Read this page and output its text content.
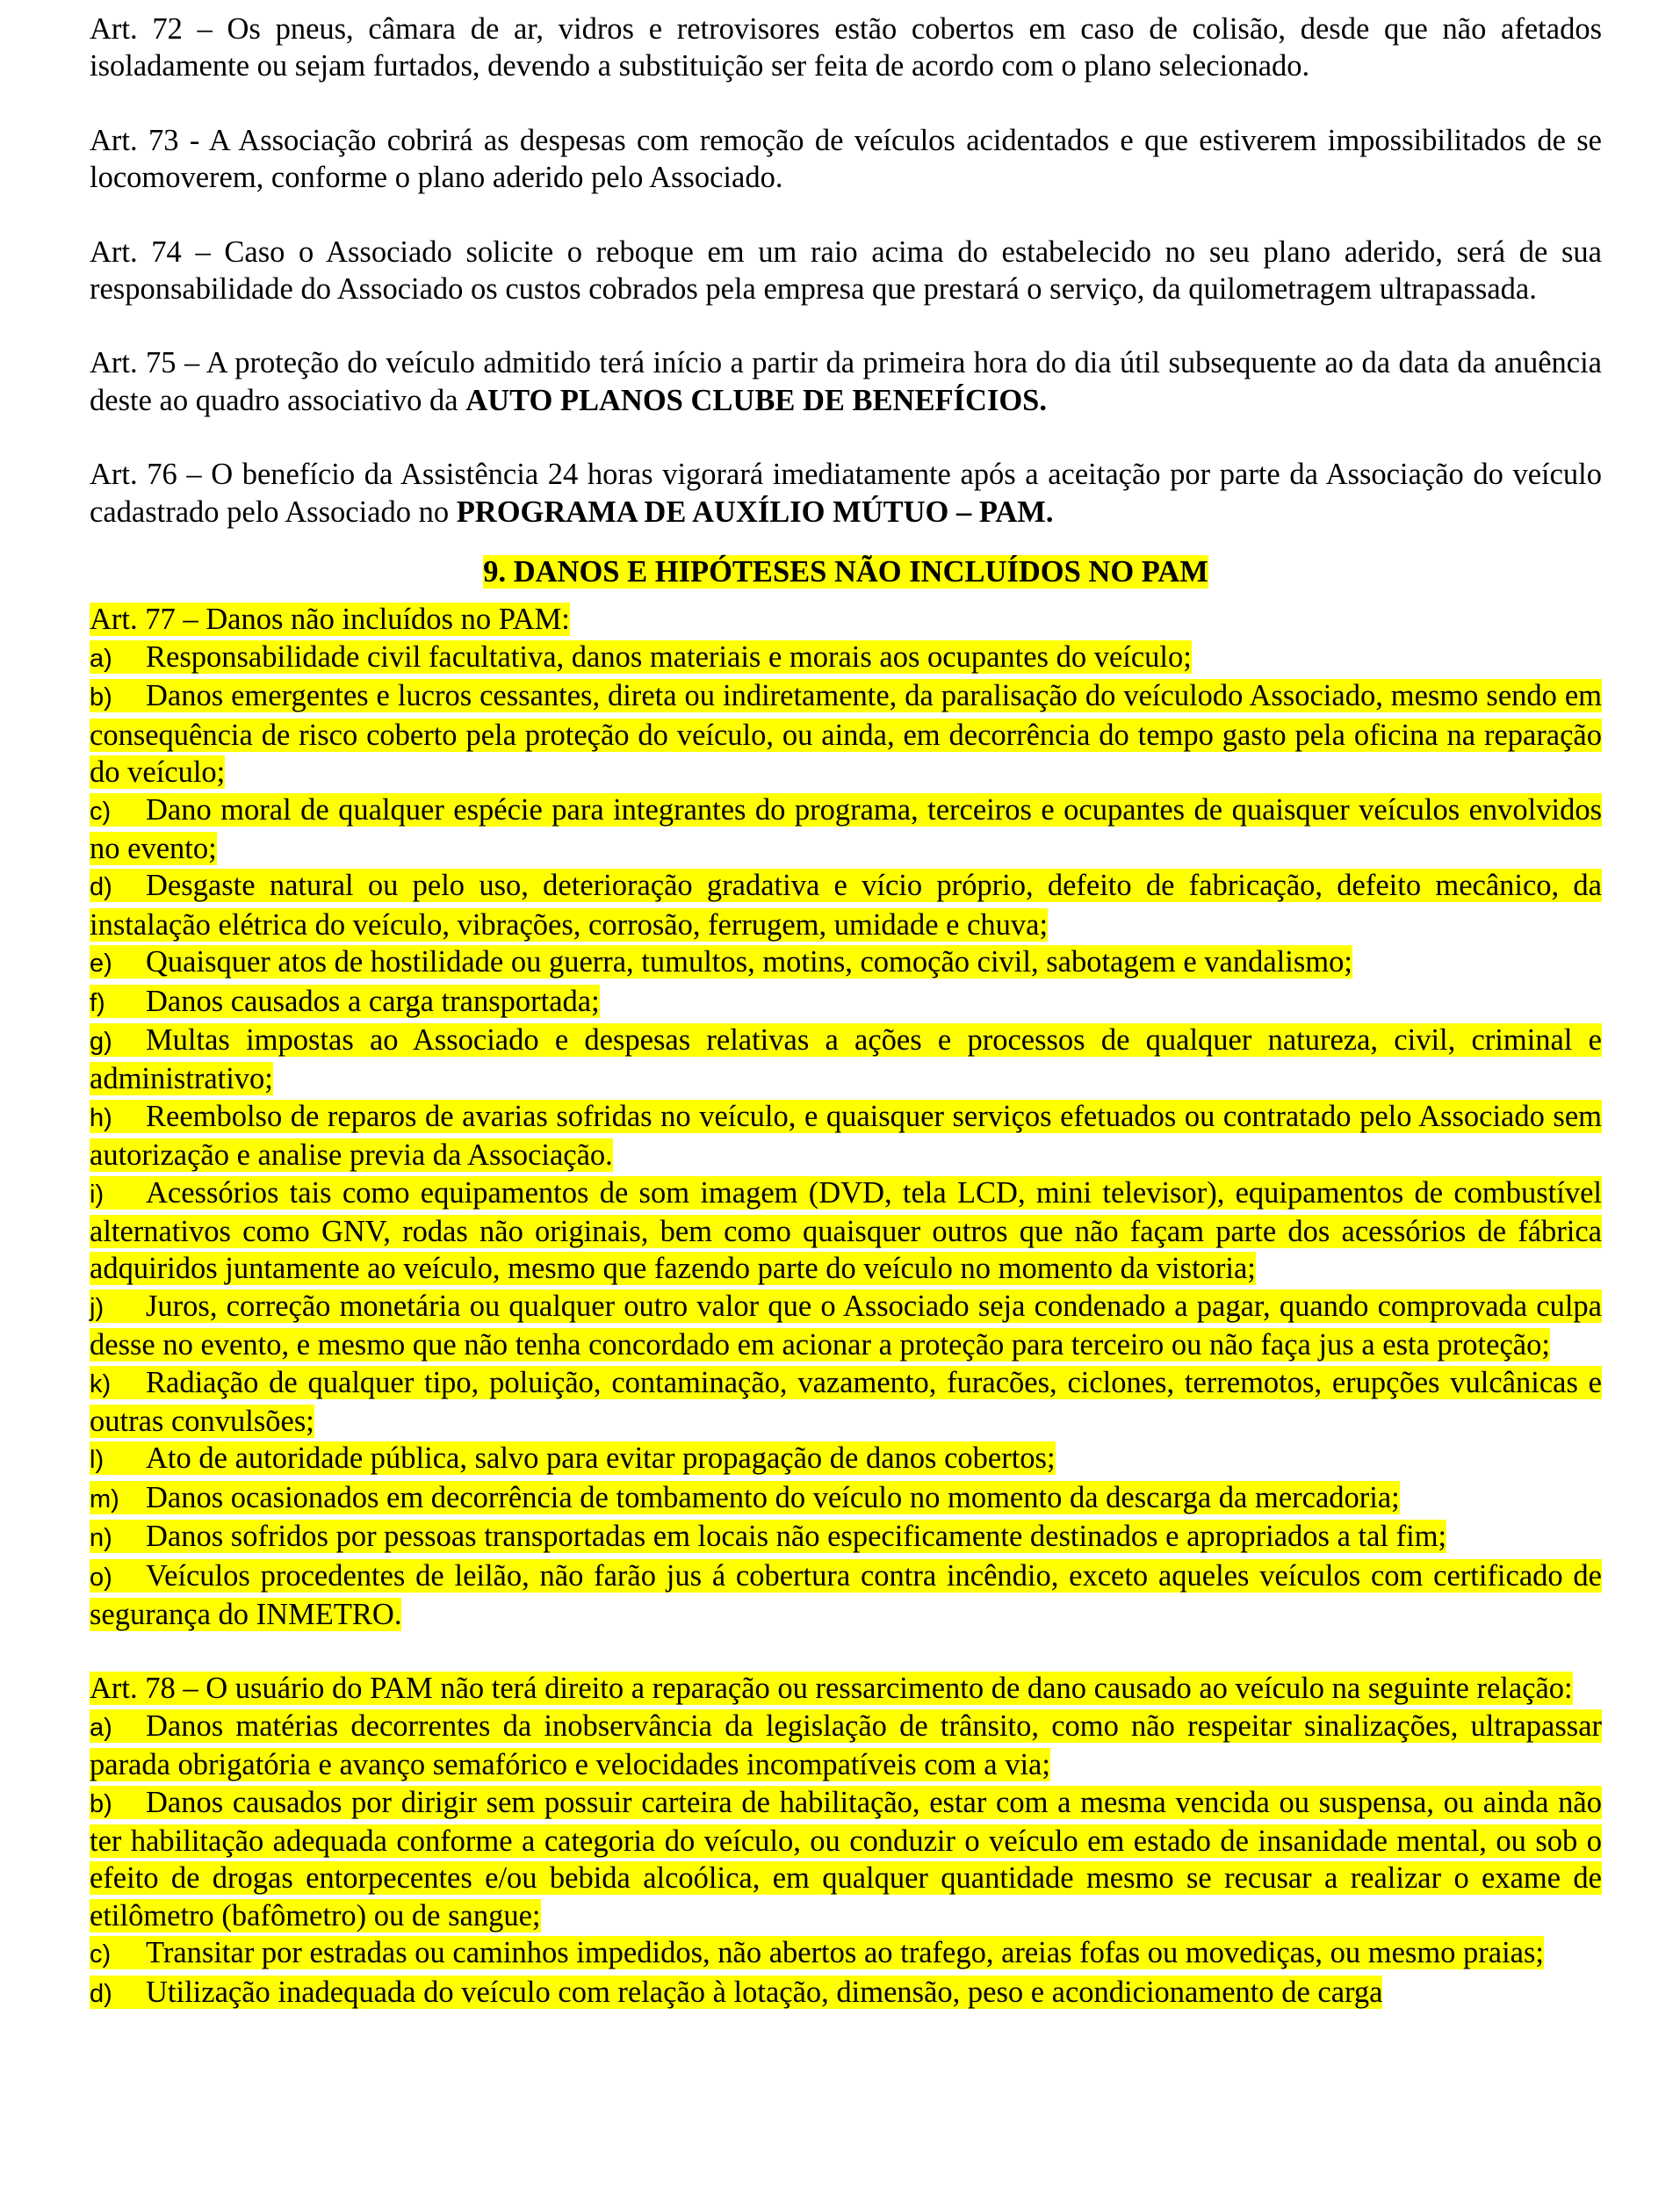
Art. 72 – Os pneus, câmara de ar, vidros e retrovisores estão cobertos em caso de colisão, desde que não afetados isoladamente ou sejam furtados, devendo a substituição ser feita de acordo com o plano selecionado.

Art. 73 - A Associação cobrirá as despesas com remoção de veículos acidentados e que estiverem impossibilitados de se locomoverem, conforme o plano aderido pelo Associado.

Art. 74 – Caso o Associado solicite o reboque em um raio acima do estabelecido no seu plano aderido, será de sua responsabilidade do Associado os custos cobrados pela empresa que prestará o serviço, da quilometragem ultrapassada.

Art. 75 – A proteção do veículo admitido terá início a partir da primeira hora do dia útil subsequente ao da data da anuência deste ao quadro associativo da AUTO PLANOS CLUBE DE BENEFÍCIOS.

Art. 76 – O benefício da Assistência 24 horas vigorará imediatamente após a aceitação por parte da Associação do veículo cadastrado pelo Associado no PROGRAMA DE AUXÍLIO MÚTUO – PAM.

9. DANOS E HIPÓTESES NÃO INCLUÍDOS NO PAM

Art. 77 – Danos não incluídos no PAM:

a) Responsabilidade civil facultativa, danos materiais e morais aos ocupantes do veículo;

b) Danos emergentes e lucros cessantes, direta ou indiretamente, da paralisação do veículodo Associado, mesmo sendo em consequência de risco coberto pela proteção do veículo, ou ainda, em decorrência do tempo gasto pela oficina na reparação do veículo;

c) Dano moral de qualquer espécie para integrantes do programa, terceiros e ocupantes de quaisquer veículos envolvidos no evento;

d) Desgaste natural ou pelo uso, deterioração gradativa e vício próprio, defeito de fabricação, defeito mecânico, da instalação elétrica do veículo, vibrações, corrosão, ferrugem, umidade e chuva;

e) Quaisquer atos de hostilidade ou guerra, tumultos, motins, comoção civil, sabotagem e vandalismo;

f) Danos causados a carga transportada;

g) Multas impostas ao Associado e despesas relativas a ações e processos de qualquer natureza, civil, criminal e administrativo;

h) Reembolso de reparos de avarias sofridas no veículo, e quaisquer serviços efetuados ou contratado pelo Associado sem autorização e analise previa da Associação.

i) Acessórios tais como equipamentos de som imagem (DVD, tela LCD, mini televisor), equipamentos de combustível alternativos como GNV, rodas não originais, bem como quaisquer outros que não façam parte dos acessórios de fábrica adquiridos juntamente ao veículo, mesmo que fazendo parte do veículo no momento da vistoria;

j) Juros, correção monetária ou qualquer outro valor que o Associado seja condenado a pagar, quando comprovada culpa desse no evento, e mesmo que não tenha concordado em acionar a proteção para terceiro ou não faça jus a esta proteção;

k) Radiação de qualquer tipo, poluição, contaminação, vazamento, furacões, ciclones, terremotos, erupções vulcânicas e outras convulsões;

l) Ato de autoridade pública, salvo para evitar propagação de danos cobertos;

m) Danos ocasionados em decorrência de tombamento do veículo no momento da descarga da mercadoria;

n) Danos sofridos por pessoas transportadas em locais não especificamente destinados e apropriados a tal fim;

o) Veículos procedentes de leilão, não farão jus á cobertura contra incêndio, exceto aqueles veículos com certificado de segurança do INMETRO.

Art. 78 – O usuário do PAM não terá direito a reparação ou ressarcimento de dano causado ao veículo na seguinte relação:

a) Danos matérias decorrentes da inobservância da legislação de trânsito, como não respeitar sinalizações, ultrapassar parada obrigatória e avanço semafórico e velocidades incompatíveis com a via;

b) Danos causados por dirigir sem possuir carteira de habilitação, estar com a mesma vencida ou suspensa, ou ainda não ter habilitação adequada conforme a categoria do veículo, ou conduzir o veículo em estado de insanidade mental, ou sob o efeito de drogas entorpecentes e/ou bebida alcoólica, em qualquer quantidade mesmo se recusar a realizar o exame de etilômetro (bafômetro) ou de sangue;

c) Transitar por estradas ou caminhos impedidos, não abertos ao trafego, areias fofas ou movediças, ou mesmo praias;

d) Utilização inadequada do veículo com relação à lotação, dimensão, peso e acondicionamento de carga
